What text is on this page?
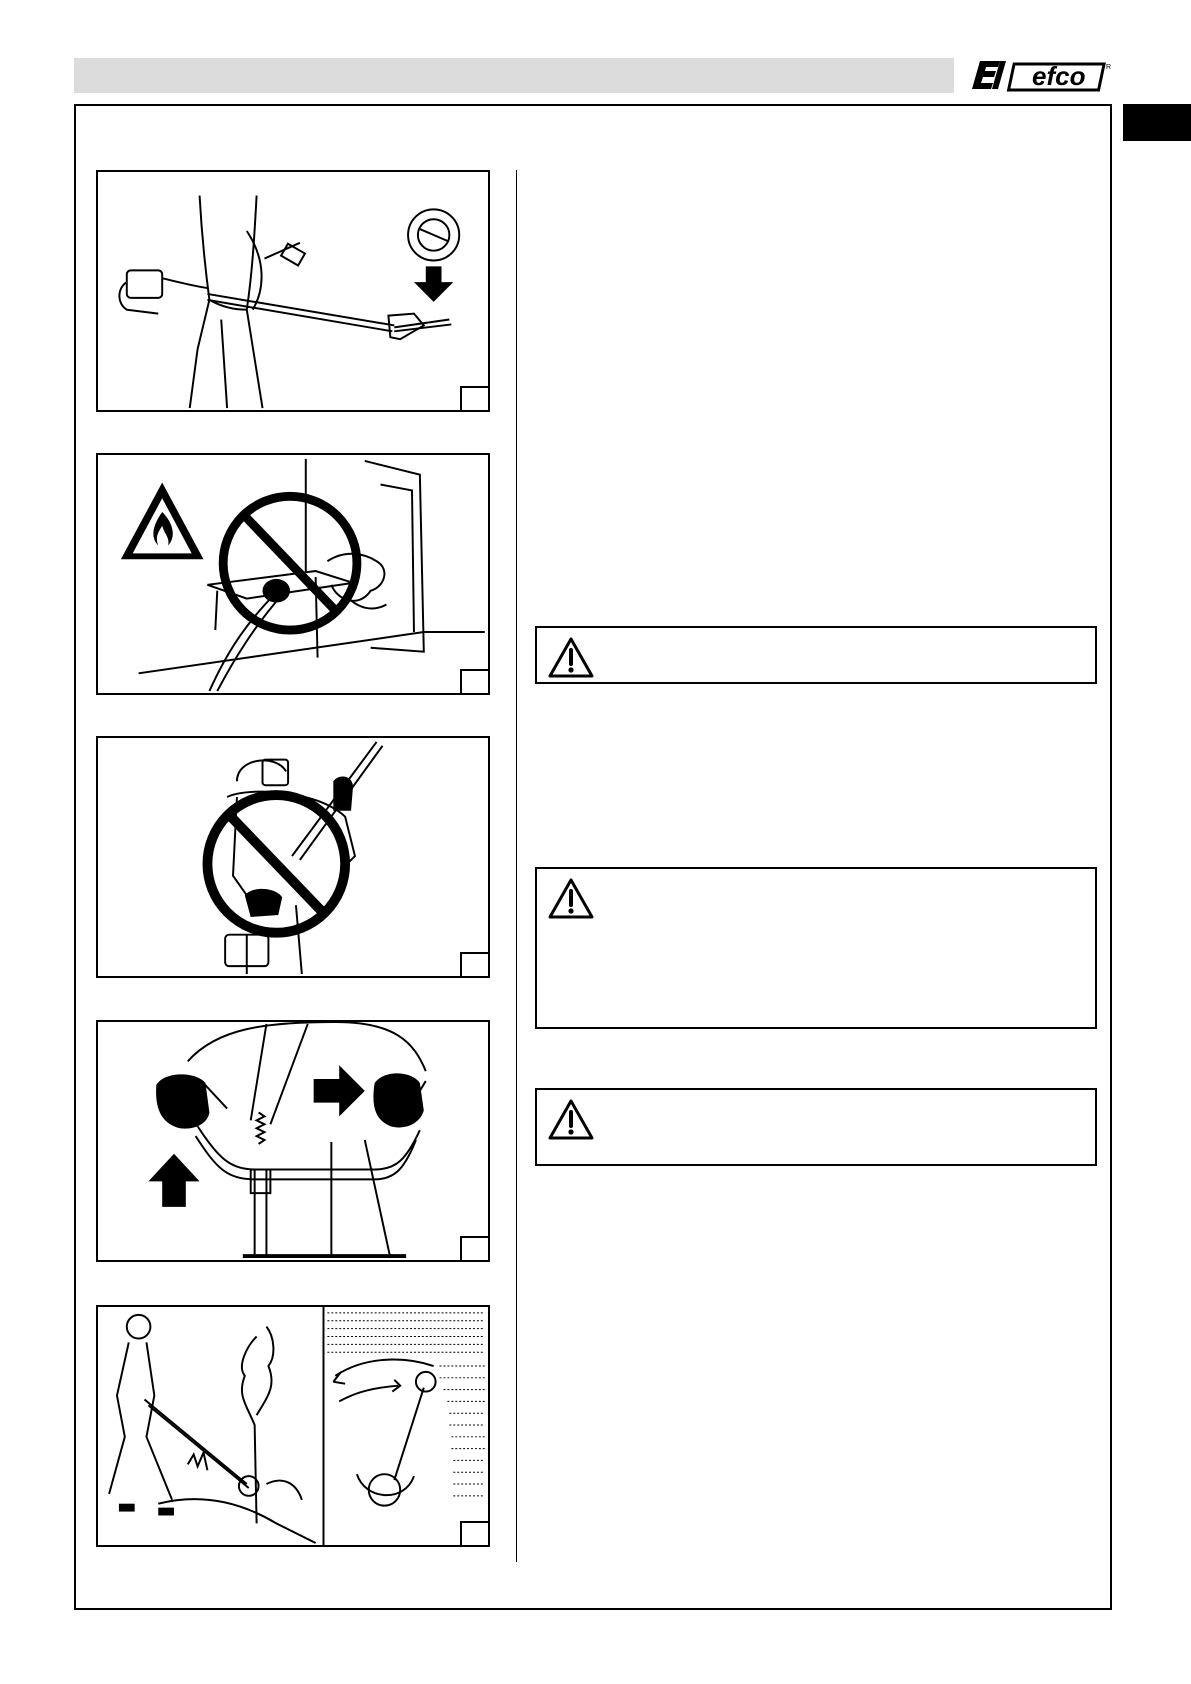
efco	R
